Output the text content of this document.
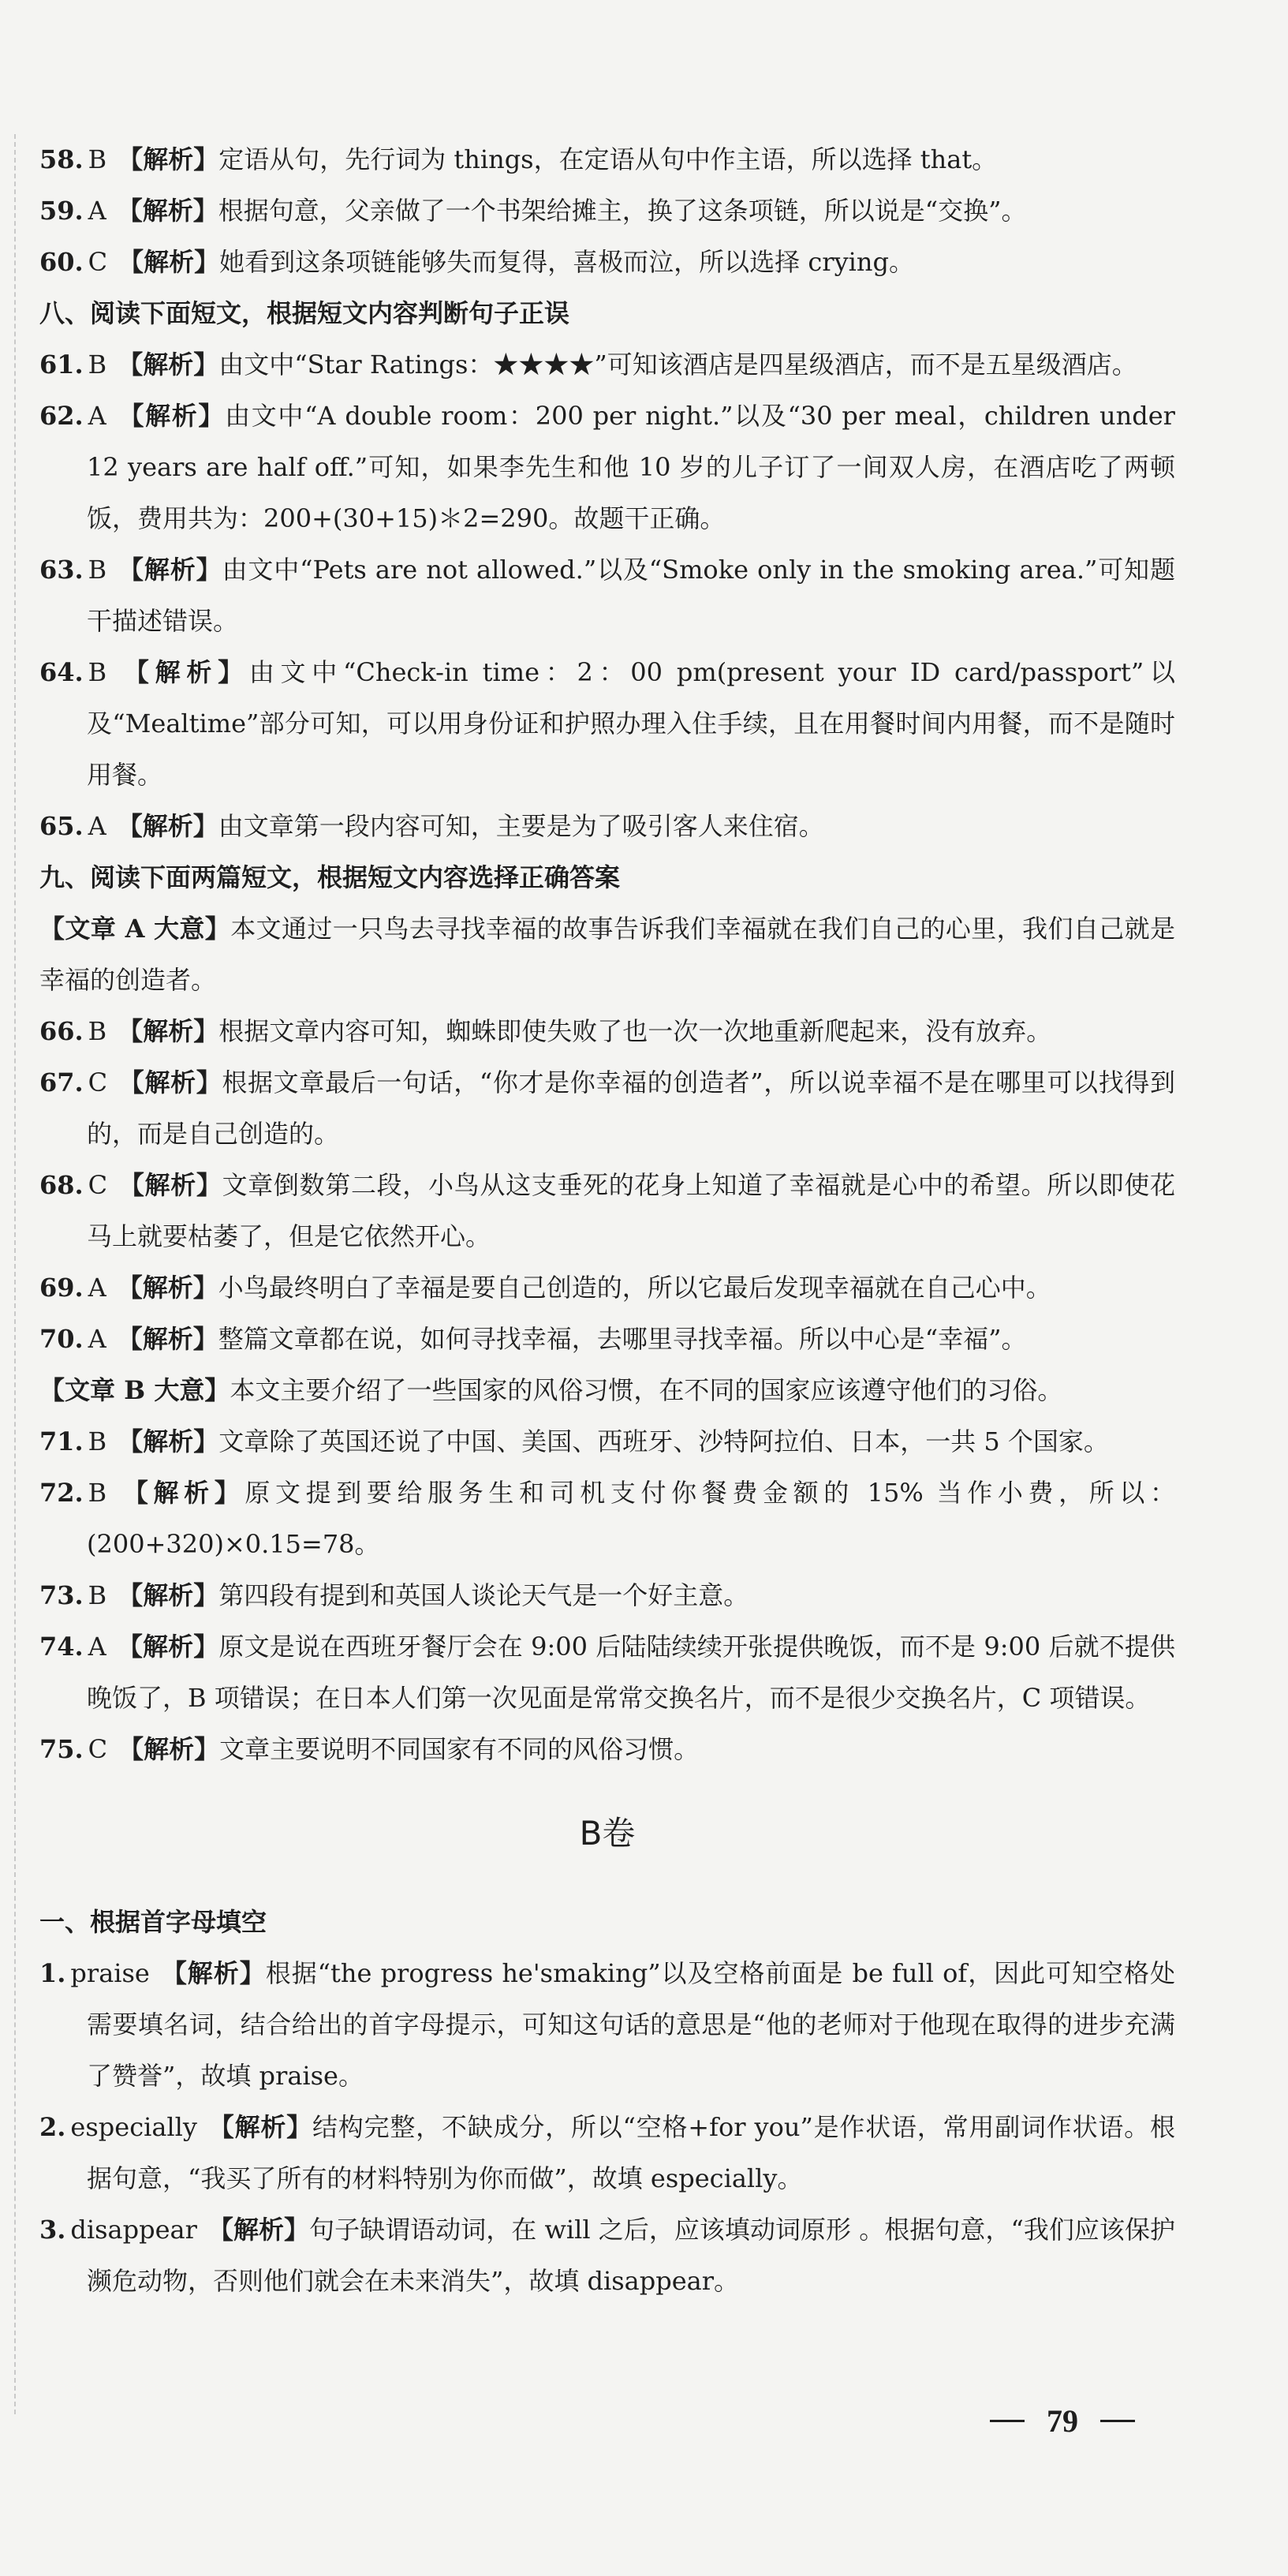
58. B 【解析】定语从句，先行词为 things，在定语从句中作主语，所以选择 that。

59. A 【解析】根据句意，父亲做了一个书架给摊主，换了这条项链，所以说是“交换”。

60. C 【解析】她看到这条项链能够失而复得，喜极而泣，所以选择 crying。

八、阅读下面短文，根据短文内容判断句子正误

61. B 【解析】由文中“Star Ratings：★★★★”可知该酒店是四星级酒店，而不是五星级酒店。

62. A 【解析】由文中“A double room：200 per night.”以及“30 per meal，children under 12 years are half off.”可知，如果李先生和他 10 岁的儿子订了一间双人房，在酒店吃了两顿饭，费用共为：200+(30+15)＊2=290。故题干正确。

63. B 【解析】由文中“Pets are not allowed.”以及“Smoke only in the smoking area.”可知题干描述错误。

64. B 【解析】由文中“Check-in time：2：00 pm(present your ID card/passport”以及“Mealtime”部分可知，可以用身份证和护照办理入住手续，且在用餐时间内用餐，而不是随时用餐。

65. A 【解析】由文章第一段内容可知，主要是为了吸引客人来住宿。

九、阅读下面两篇短文，根据短文内容选择正确答案

【文章 A 大意】本文通过一只鸟去寻找幸福的故事告诉我们幸福就在我们自己的心里，我们自己就是幸福的创造者。

66. B 【解析】根据文章内容可知，蜘蛛即使失败了也一次一次地重新爬起来，没有放弃。

67. C 【解析】根据文章最后一句话，“你才是你幸福的创造者”，所以说幸福不是在哪里可以找得到的，而是自己创造的。

68. C 【解析】文章倒数第二段，小鸟从这支垂死的花身上知道了幸福就是心中的希望。所以即使花马上就要枯萎了，但是它依然开心。

69. A 【解析】小鸟最终明白了幸福是要自己创造的，所以它最后发现幸福就在自己心中。

70. A 【解析】整篇文章都在说，如何寻找幸福，去哪里寻找幸福。所以中心是“幸福”。

【文章 B 大意】本文主要介绍了一些国家的风俗习惯，在不同的国家应该遵守他们的习俗。

71. B 【解析】文章除了英国还说了中国、美国、西班牙、沙特阿拉伯、日本，一共 5 个国家。

72. B 【解析】原文提到要给服务生和司机支付你餐费金额的 15% 当作小费，所以：(200+320)×0.15=78。

73. B 【解析】第四段有提到和英国人谈论天气是一个好主意。

74. A 【解析】原文是说在西班牙餐厅会在 9:00 后陆陆续续开张提供晚饭，而不是 9:00 后就不提供晚饭了，B 项错误；在日本人们第一次见面是常常交换名片，而不是很少交换名片，C 项错误。

75. C 【解析】文章主要说明不同国家有不同的风俗习惯。

B卷

一、根据首字母填空

1. praise 【解析】根据“the progress he'smaking”以及空格前面是 be full of，因此可知空格处需要填名词，结合给出的首字母提示，可知这句话的意思是“他的老师对于他现在取得的进步充满了赞誉”，故填 praise。

2. especially 【解析】结构完整，不缺成分，所以“空格+for you”是作状语，常用副词作状语。根据句意，“我买了所有的材料特别为你而做”，故填 especially。

3. disappear 【解析】句子缺谓语动词，在 will 之后，应该填动词原形 。根据句意，“我们应该保护濒危动物，否则他们就会在未来消失”，故填 disappear。

79
